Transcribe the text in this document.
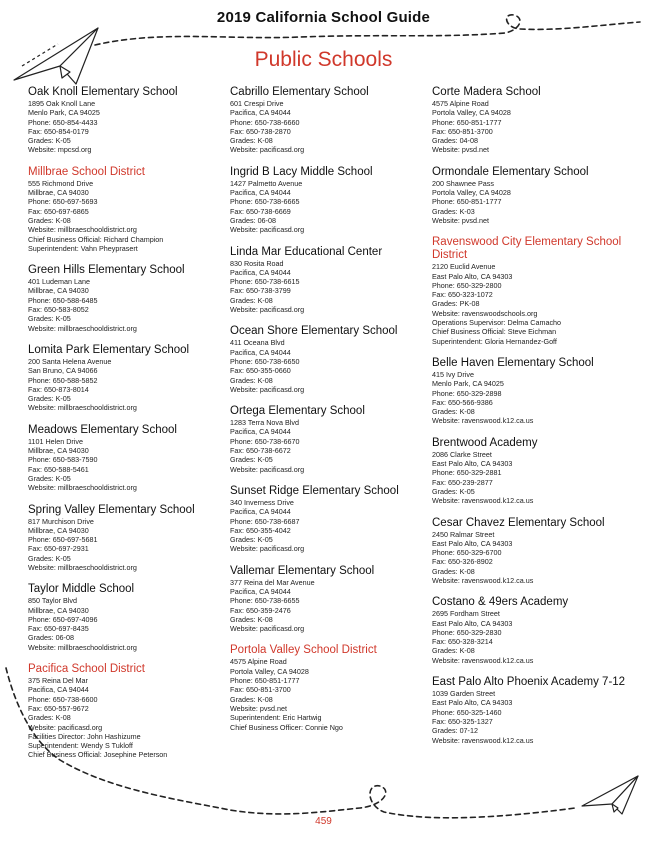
2019 California School Guide
Public Schools
Oak Knoll Elementary School
1895 Oak Knoll Lane
Menlo Park, CA 94025
Phone: 650-854-4433
Fax: 650-854-0179
Grades: K-05
Website: mpcsd.org
Millbrae School District
555 Richmond Drive
Millbrae, CA 94030
Phone: 650-697-5693
Fax: 650-697-6865
Grades: K-08
Website: millbraeschooldistrict.org
Chief Business Official: Richard Champion
Superintendent: Vahn Pheyprasert
Green Hills Elementary School
401 Ludeman Lane
Millbrae, CA 94030
Phone: 650-588-6485
Fax: 650-583-8052
Grades: K-05
Website: millbraeschooldistrict.org
Lomita Park Elementary School
200 Santa Helena Avenue
San Bruno, CA 94066
Phone: 650-588-5852
Fax: 650-873-8014
Grades: K-05
Website: millbraeschooldistrict.org
Meadows Elementary School
1101 Helen Drive
Millbrae, CA 94030
Phone: 650-583-7590
Fax: 650-588-5461
Grades: K-05
Website: millbraeschooldistrict.org
Spring Valley Elementary School
817 Murchison Drive
Millbrae, CA 94030
Phone: 650-697-5681
Fax: 650-697-2931
Grades: K-05
Website: millbraeschooldistrict.org
Taylor Middle School
850 Taylor Blvd
Millbrae, CA 94030
Phone: 650-697-4096
Fax: 650-697-8435
Grades: 06-08
Website: millbraeschooldistrict.org
Pacifica School District
375 Reina Del Mar
Pacifica, CA 94044
Phone: 650-738-6600
Fax: 650-557-9672
Grades: K-08
Website: pacificasd.org
Facilities Director: John Hashizume
Superintendent: Wendy S Tukloff
Chief Business Official: Josephine Peterson
Cabrillo Elementary School
601 Crespi Drive
Pacifica, CA 94044
Phone: 650-738-6660
Fax: 650-738-2870
Grades: K-08
Website: pacificasd.org
Ingrid B Lacy Middle School
1427 Palmetto Avenue
Pacifica, CA 94044
Phone: 650-738-6665
Fax: 650-738-6669
Grades: 06-08
Website: pacificasd.org
Linda Mar Educational Center
830 Rosita Road
Pacifica, CA 94044
Phone: 650-738-6615
Fax: 650-738-3799
Grades: K-08
Website: pacificasd.org
Ocean Shore Elementary School
411 Oceana Blvd
Pacifica, CA 94044
Phone: 650-738-6650
Fax: 650-355-0660
Grades: K-08
Website: pacificasd.org
Ortega Elementary School
1283 Terra Nova Blvd
Pacifica, CA 94044
Phone: 650-738-6670
Fax: 650-738-6672
Grades: K-05
Website: pacificasd.org
Sunset Ridge Elementary School
340 Inverness Drive
Pacifica, CA 94044
Phone: 650-738-6687
Fax: 650-355-4042
Grades: K-05
Website: pacificasd.org
Vallemar Elementary School
377 Reina del Mar Avenue
Pacifica, CA 94044
Phone: 650-738-6655
Fax: 650-359-2476
Grades: K-08
Website: pacificasd.org
Portola Valley School District
4575 Alpine Road
Portola Valley, CA 94028
Phone: 650-851-1777
Fax: 650-851-3700
Grades: K-08
Website: pvsd.net
Superintendent: Eric Hartwig
Chief Business Officer: Connie Ngo
Corte Madera School
4575 Alpine Road
Portola Valley, CA 94028
Phone: 650-851-1777
Fax: 650-851-3700
Grades: 04-08
Website: pvsd.net
Ormondale Elementary School
200 Shawnee Pass
Portola Valley, CA 94028
Phone: 650-851-1777
Grades: K-03
Website: pvsd.net
Ravenswood City Elementary School District
2120 Euclid Avenue
East Palo Alto, CA 94303
Phone: 650-329-2800
Fax: 650-323-1072
Grades: PK-08
Website: ravenswoodschools.org
Operations Supervisor: Delma Camacho
Chief Business Official: Steve Eichman
Superintendent: Gloria Hernandez-Goff
Belle Haven Elementary School
415 Ivy Drive
Menlo Park, CA 94025
Phone: 650-329-2898
Fax: 650-566-9386
Grades: K-08
Website: ravenswood.k12.ca.us
Brentwood Academy
2086 Clarke Street
East Palo Alto, CA 94303
Phone: 650-329-2881
Fax: 650-239-2877
Grades: K-05
Website: ravenswood.k12.ca.us
Cesar Chavez Elementary School
2450 Ralmar Street
East Palo Alto, CA 94303
Phone: 650-329-6700
Fax: 650-326-8902
Grades: K-08
Website: ravenswood.k12.ca.us
Costano & 49ers Academy
2695 Fordham Street
East Palo Alto, CA 94303
Phone: 650-329-2830
Fax: 650-328-3214
Grades: K-08
Website: ravenswood.k12.ca.us
East Palo Alto Phoenix Academy 7-12
1039 Garden Street
East Palo Alto, CA 94303
Phone: 650-325-1460
Fax: 650-325-1327
Grades: 07-12
Website: ravenswood.k12.ca.us
459
